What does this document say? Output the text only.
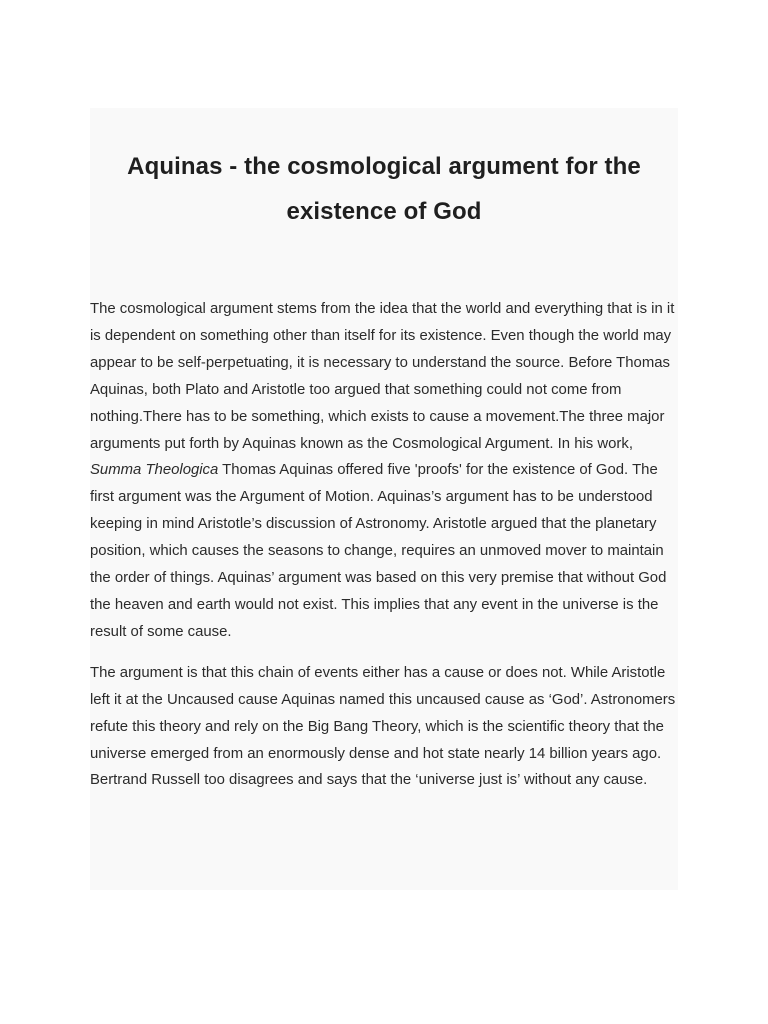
Aquinas - the cosmological argument for the existence of God

The cosmological argument stems from the idea that the world and everything that is in it is dependent on something other than itself for its existence. Even though the world may appear to be self-perpetuating, it is necessary to understand the source. Before Thomas Aquinas, both Plato and Aristotle too argued that something could not come from nothing.There has to be something, which exists to cause a movement.The three major arguments put forth by Aquinas known as the Cosmological Argument. In his work, Summa Theologica Thomas Aquinas offered five 'proofs' for the existence of God. The first argument was the Argument of Motion. Aquinas’s argument has to be understood keeping in mind Aristotle’s discussion of Astronomy. Aristotle argued that the planetary position, which causes the seasons to change, requires an unmoved mover to maintain the order of things. Aquinas’ argument was based on this very premise that without God the heaven and earth would not exist. This implies that any event in the universe is the result of some cause.

The argument is that this chain of events either has a cause or does not. While Aristotle left it at the Uncaused cause Aquinas named this uncaused cause as ‘God’. Astronomers refute this theory and rely on the Big Bang Theory, which is the scientific theory that the universe emerged from an enormously dense and hot state nearly 14 billion years ago. Bertrand Russell too disagrees and says that the ‘universe just is’ without any cause.
